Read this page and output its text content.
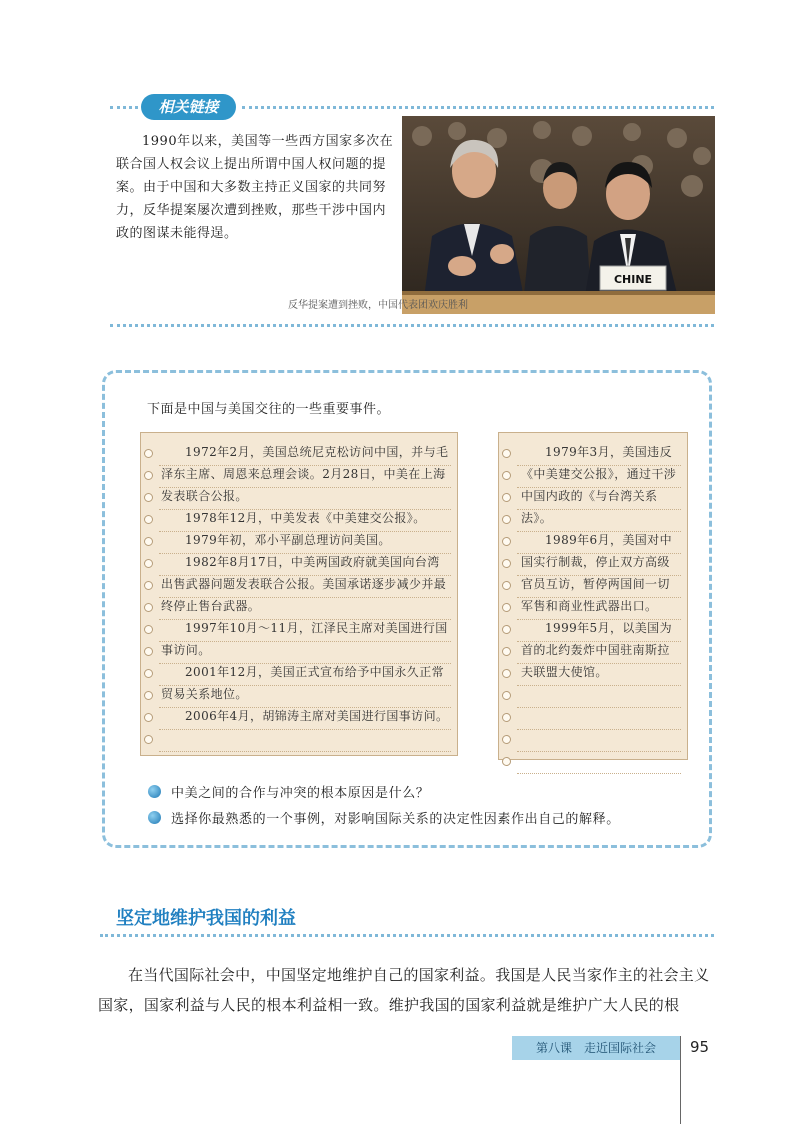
相关链接
1990年以来，美国等一些西方国家多次在联合国人权会议上提出所谓中国人权问题的提案。由于中国和大多数主持正义国家的共同努力，反华提案屡次遭到挫败，那些干涉中国内政的图谋未能得逞。
CHINE
反华提案遭到挫败，中国代表团欢庆胜利
下面是中国与美国交往的一些重要事件。

1972年2月，美国总统尼克松访问中国，并与毛泽东主席、周恩来总理会谈。2月28日，中美在上海发表联合公报。

1978年12月，中美发表《中美建交公报》。

1979年初，邓小平副总理访问美国。

1982年8月17日，中美两国政府就美国向台湾出售武器问题发表联合公报。美国承诺逐步减少并最终停止售台武器。

1997年10月～11月，江泽民主席对美国进行国事访问。

2001年12月，美国正式宣布给予中国永久正常贸易关系地位。

2006年4月，胡锦涛主席对美国进行国事访问。

1979年3月，美国违反《中美建交公报》，通过干涉中国内政的《与台湾关系法》。

1989年6月，美国对中国实行制裁，停止双方高级官员互访，暂停两国间一切军售和商业性武器出口。

1999年5月，以美国为首的北约轰炸中国驻南斯拉夫联盟大使馆。

中美之间的合作与冲突的根本原因是什么？
选择你最熟悉的一个事例，对影响国际关系的决定性因素作出自己的解释。
坚定地维护我国的利益
在当代国际社会中，中国坚定地维护自己的国家利益。我国是人民当家作主的社会主义国家，国家利益与人民的根本利益相一致。维护我国的国家利益就是维护广大人民的根
第八课　走近国际社会	95
